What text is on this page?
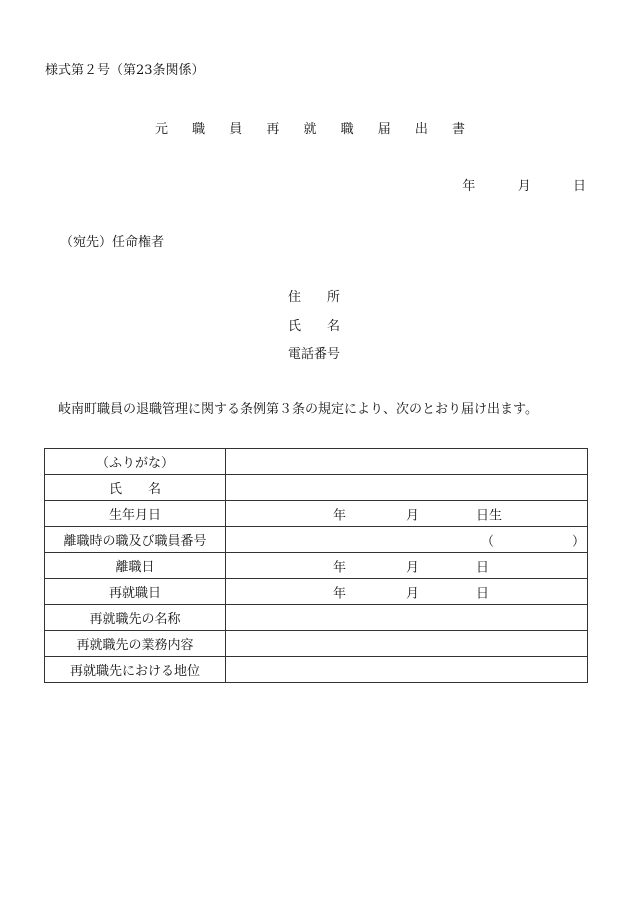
様式第２号（第23条関係）
元 職 員 再 就 職 届 出 書
年	月	日
（宛先）任命権者
住　　所
氏　　名
電話番号
岐南町職員の退職管理に関する条例第３条の規定により、次のとおり届け出ます。
（ふりがな）	
氏　　名	
生年月日	年 月 日生

離職時の職及び職員番号	（　　　　　　）

離職日	年 月 日

再就職日	年 月 日

再就職先の名称	
再就職先の業務内容	
再就職先における地位	
